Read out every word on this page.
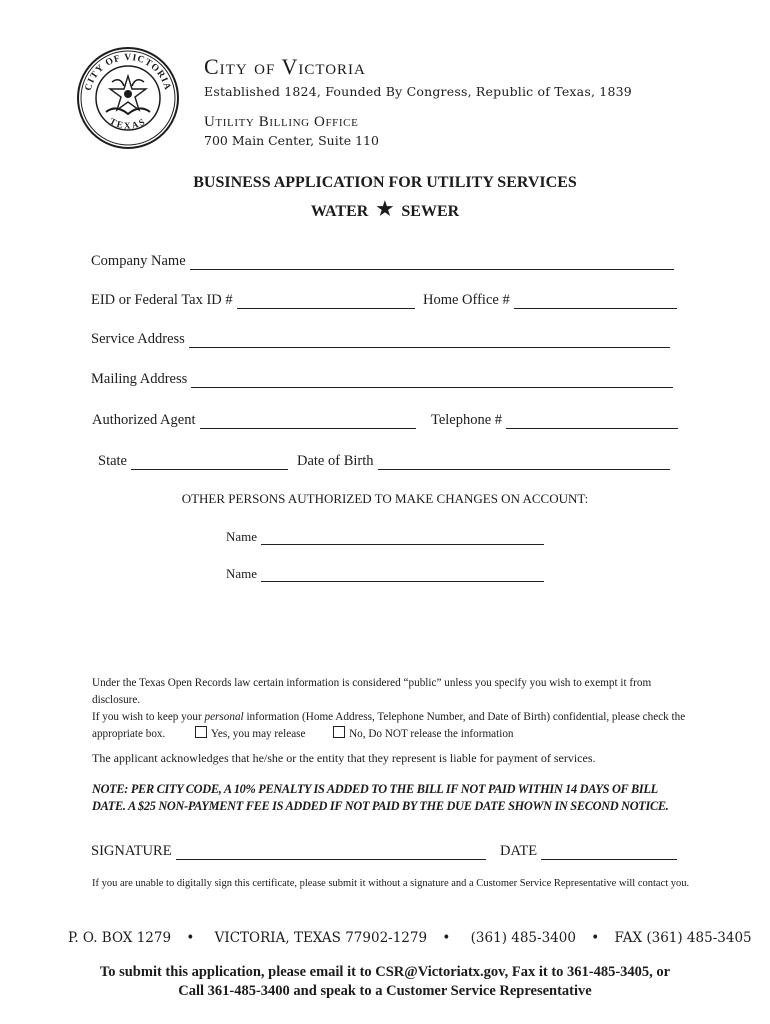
CITY OF VICTORIA
TEXAS
City of Victoria
Established 1824, Founded By Congress, Republic of Texas, 1839
Utility Billing Office
700 Main Center, Suite 110
BUSINESS APPLICATION FOR UTILITY SERVICES
WATER ★ SEWER
Company Name
EID or Federal Tax ID #	Home Office #
Service Address
Mailing Address
Authorized Agent	Telephone #
State	Date of Birth
OTHER PERSONS AUTHORIZED TO MAKE CHANGES ON ACCOUNT:
Name
Name
Under the Texas Open Records law certain information is considered “public” unless you specify you wish to exempt it from disclosure.
If you wish to keep your personal information (Home Address, Telephone Number, and Date of Birth) confidential, please check the
appropriate box.	Yes, you may release	No, Do NOT release the information
The applicant acknowledges that he/she or the entity that they represent is liable for payment of services.
NOTE: PER CITY CODE, A 10% PENALTY IS ADDED TO THE BILL IF NOT PAID WITHIN 14 DAYS OF BILL
DATE. A $25 NON-PAYMENT FEE IS ADDED IF NOT PAID BY THE DUE DATE SHOWN IN SECOND NOTICE.
SIGNATURE	DATE
If you are unable to digitally sign this certificate, please submit it without a signature and a Customer Service Representative will contact you.
P. O. BOX 1279 • VICTORIA, TEXAS 77902-1279 • (361) 485-3400 • FAX (361) 485-3405
To submit this application, please email it to CSR@Victoriatx.gov, Fax it to 361-485-3405, or
Call 361-485-3400 and speak to a Customer Service Representative
